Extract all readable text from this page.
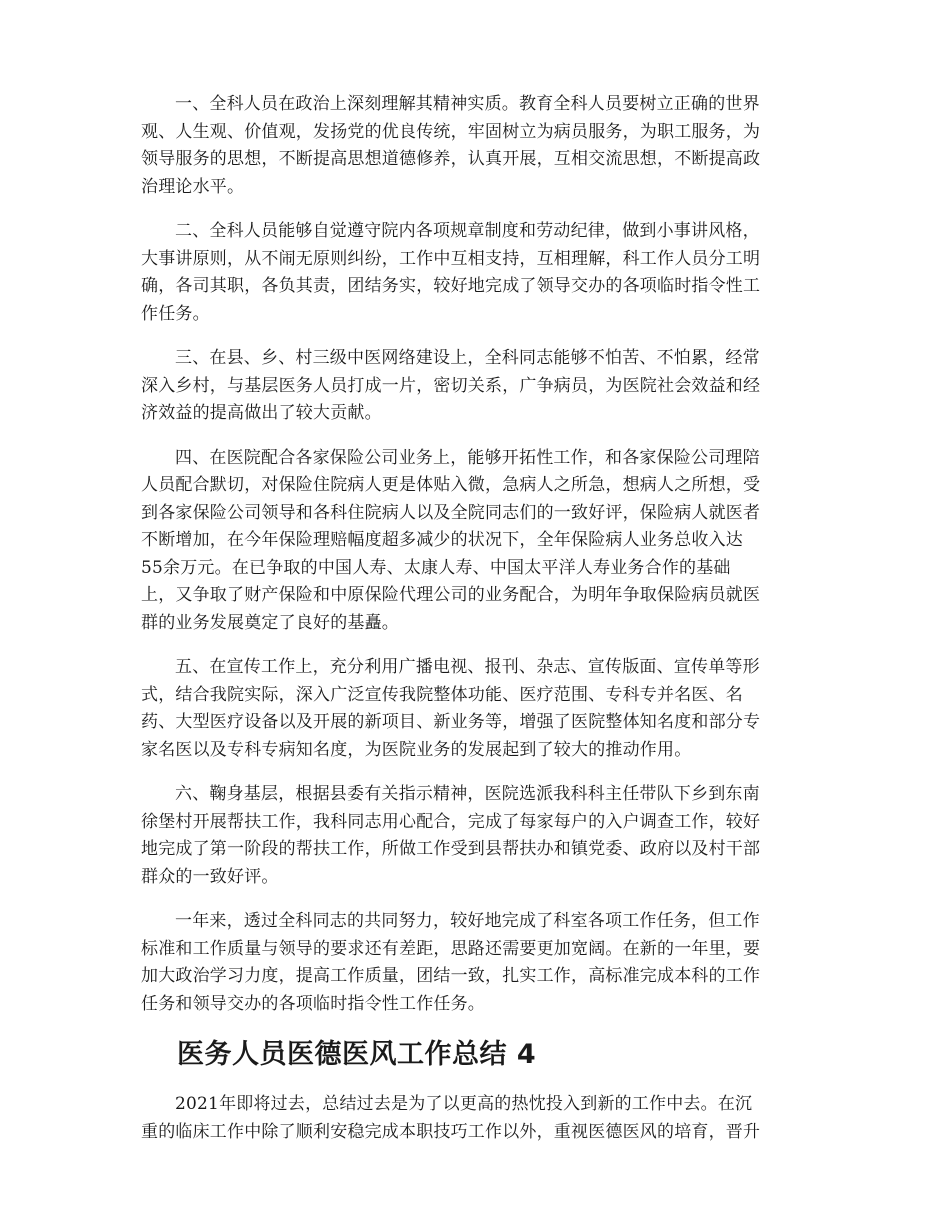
一、全科人员在政治上深刻理解其精神实质。教育全科人员要树立正确的世界
观、人生观、价值观，发扬党的优良传统，牢固树立为病员服务，为职工服务，为
领导服务的思想，不断提高思想道德修养，认真开展，互相交流思想，不断提高政
治理论水平。
二、全科人员能够自觉遵守院内各项规章制度和劳动纪律，做到小事讲风格，
大事讲原则，从不闹无原则纠纷，工作中互相支持，互相理解，科工作人员分工明
确，各司其职，各负其责，团结务实，较好地完成了领导交办的各项临时指令性工
作任务。
三、在县、乡、村三级中医网络建设上，全科同志能够不怕苦、不怕累，经常
深入乡村，与基层医务人员打成一片，密切关系，广争病员，为医院社会效益和经
济效益的提高做出了较大贡献。
四、在医院配合各家保险公司业务上，能够开拓性工作，和各家保险公司理陪
人员配合默切，对保险住院病人更是体贴入微，急病人之所急，想病人之所想，受
到各家保险公司领导和各科住院病人以及全院同志们的一致好评，保险病人就医者
不断增加，在今年保险理赔幅度超多减少的状况下，全年保险病人业务总收入达
55余万元。在已争取的中国人寿、太康人寿、中国太平洋人寿业务合作的基础
上，又争取了财产保险和中原保险代理公司的业务配合，为明年争取保险病员就医
群的业务发展奠定了良好的基矗。
五、在宣传工作上，充分利用广播电视、报刊、杂志、宣传版面、宣传单等形
式，结合我院实际，深入广泛宣传我院整体功能、医疗范围、专科专并名医、名
药、大型医疗设备以及开展的新项目、新业务等，增强了医院整体知名度和部分专
家名医以及专科专病知名度，为医院业务的发展起到了较大的推动作用。
六、鞠身基层，根据县委有关指示精神，医院选派我科科主任带队下乡到东南
徐堡村开展帮扶工作，我科同志用心配合，完成了每家每户的入户调查工作，较好
地完成了第一阶段的帮扶工作，所做工作受到县帮扶办和镇党委、政府以及村干部
群众的一致好评。
一年来，透过全科同志的共同努力，较好地完成了科室各项工作任务，但工作
标准和工作质量与领导的要求还有差距，思路还需要更加宽阔。在新的一年里，要
加大政治学习力度，提高工作质量，团结一致，扎实工作，高标准完成本科的工作
任务和领导交办的各项临时指令性工作任务。
医务人员医德医风工作总结 4
2021年即将过去，总结过去是为了以更高的热忱投入到新的工作中去。在沉
重的临床工作中除了顺利安稳完成本职技巧工作以外，重视医德医风的培育，晋升
